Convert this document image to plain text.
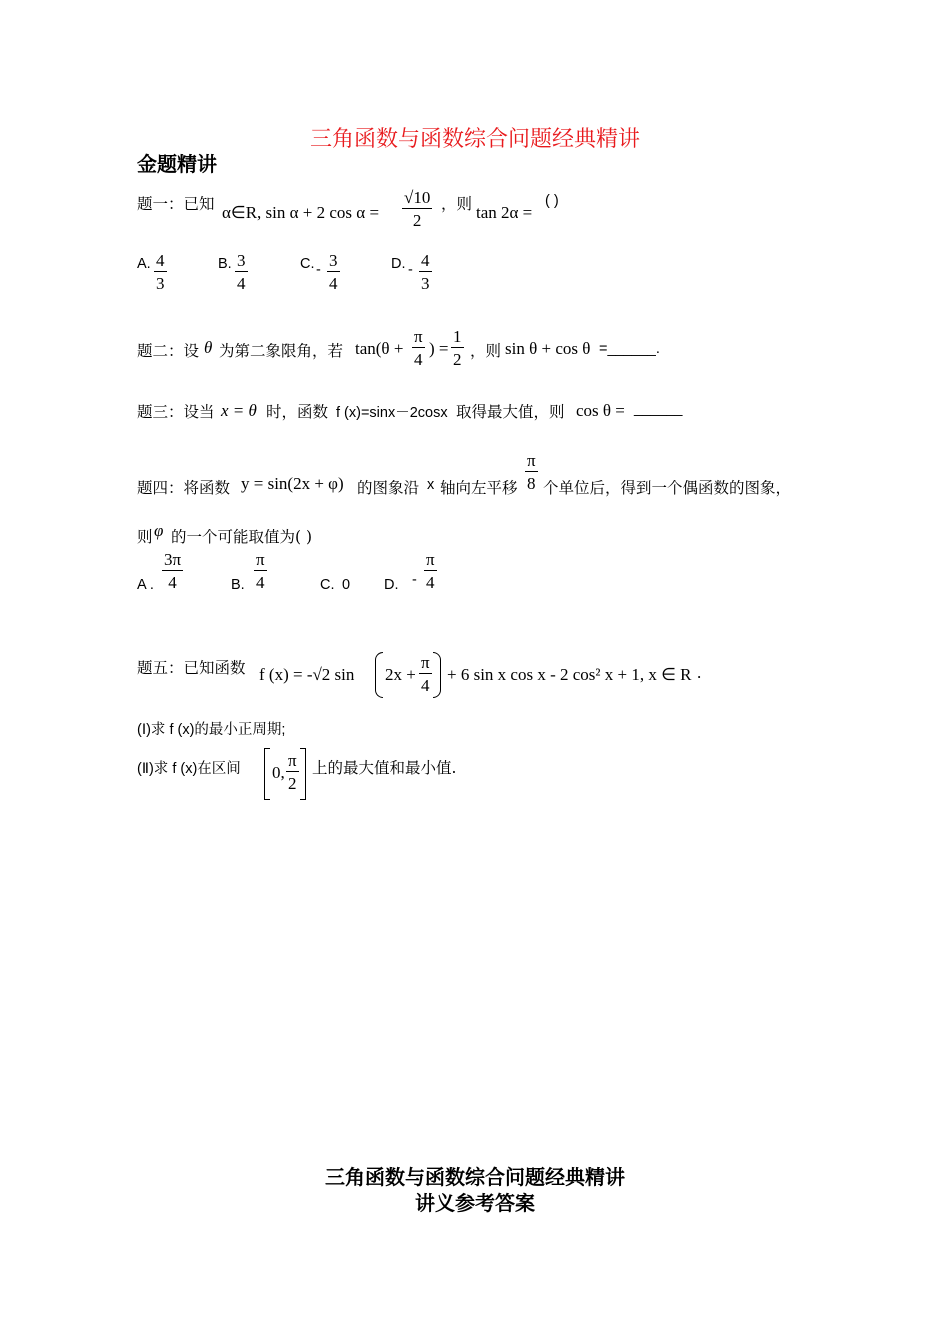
三角函数与函数综合问题经典精讲
金题精讲
题一：已知 α∈R, sin α + 2 $\cos \alpha = \frac{√10}{2}$ ，则 tan 2α =
( )
A. $\frac{4}{3}$	B. $\frac{3}{4}$	C. - $\frac{3}{4}$	D. - $\frac{4}{3}$
题二：设 θ 为第二象限角，若 $\tan(\theta + \frac{\pi}{4}$ ) = $\frac{1}{2}$ ，则 sin θ + cos θ =______.
题三：设当 x = θ 时，函数 f (x)=sinx－2cosx 取得最大值，则 cos θ = ______
题四：将函数 y = sin(2x + φ) 的图象沿 x 轴向左平移 $\frac{\pi}{8}$ 个单位后，得到一个偶函数的图象，
则 φ 的一个可能取值为( )
A . $\frac{3\pi}{4}$	B. $\frac{\pi}{4}$	C. 0 D. - $\frac{\pi}{4}$
题五：已知函数 f (x) = -√2 $\sin 2x + \frac{\pi}{4} + 6$ sin x cos x - 2 cos² x + 1, x ∈ R .
(Ⅰ)求 f (x)的最小正周期;
(Ⅱ)求 f (x)在区间 0, $\frac{\pi}{2}$ 上的最大值和最小值.
三角函数与函数综合问题经典精讲
讲义参考答案
